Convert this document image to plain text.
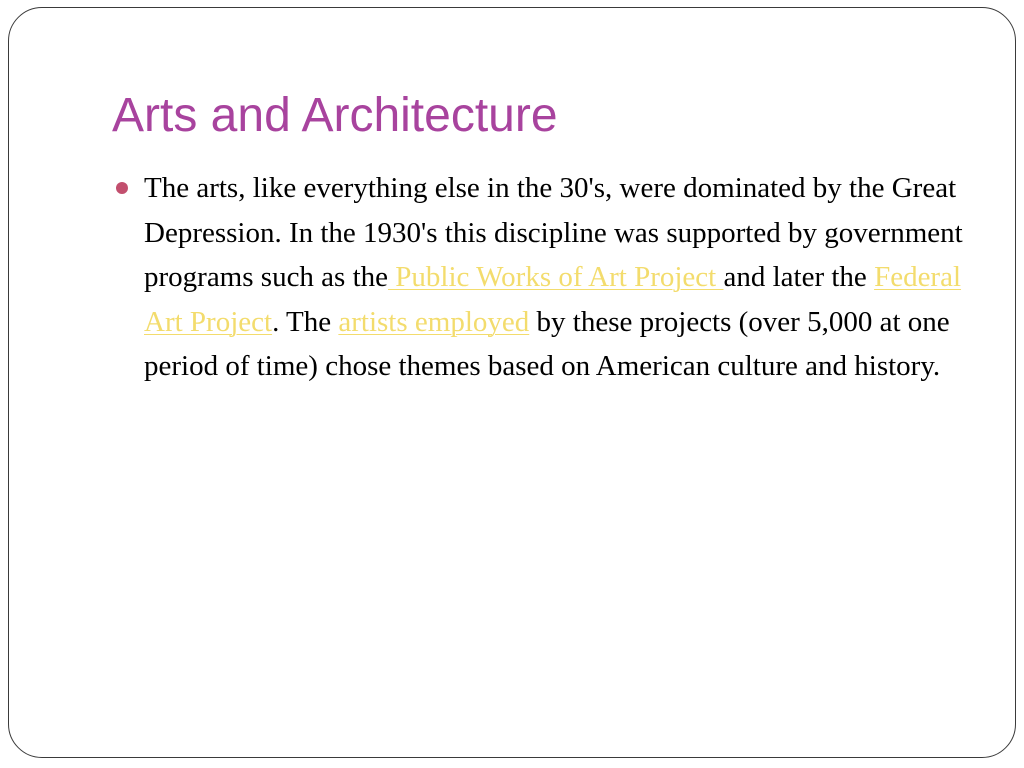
Arts and Architecture
The arts, like everything else in the 30's, were dominated by the Great Depression. In the 1930's this discipline was supported by government programs such as the Public Works of Art Project and later the Federal Art Project. The artists employed by these projects (over 5,000 at one period of time) chose themes based on American culture and history.
